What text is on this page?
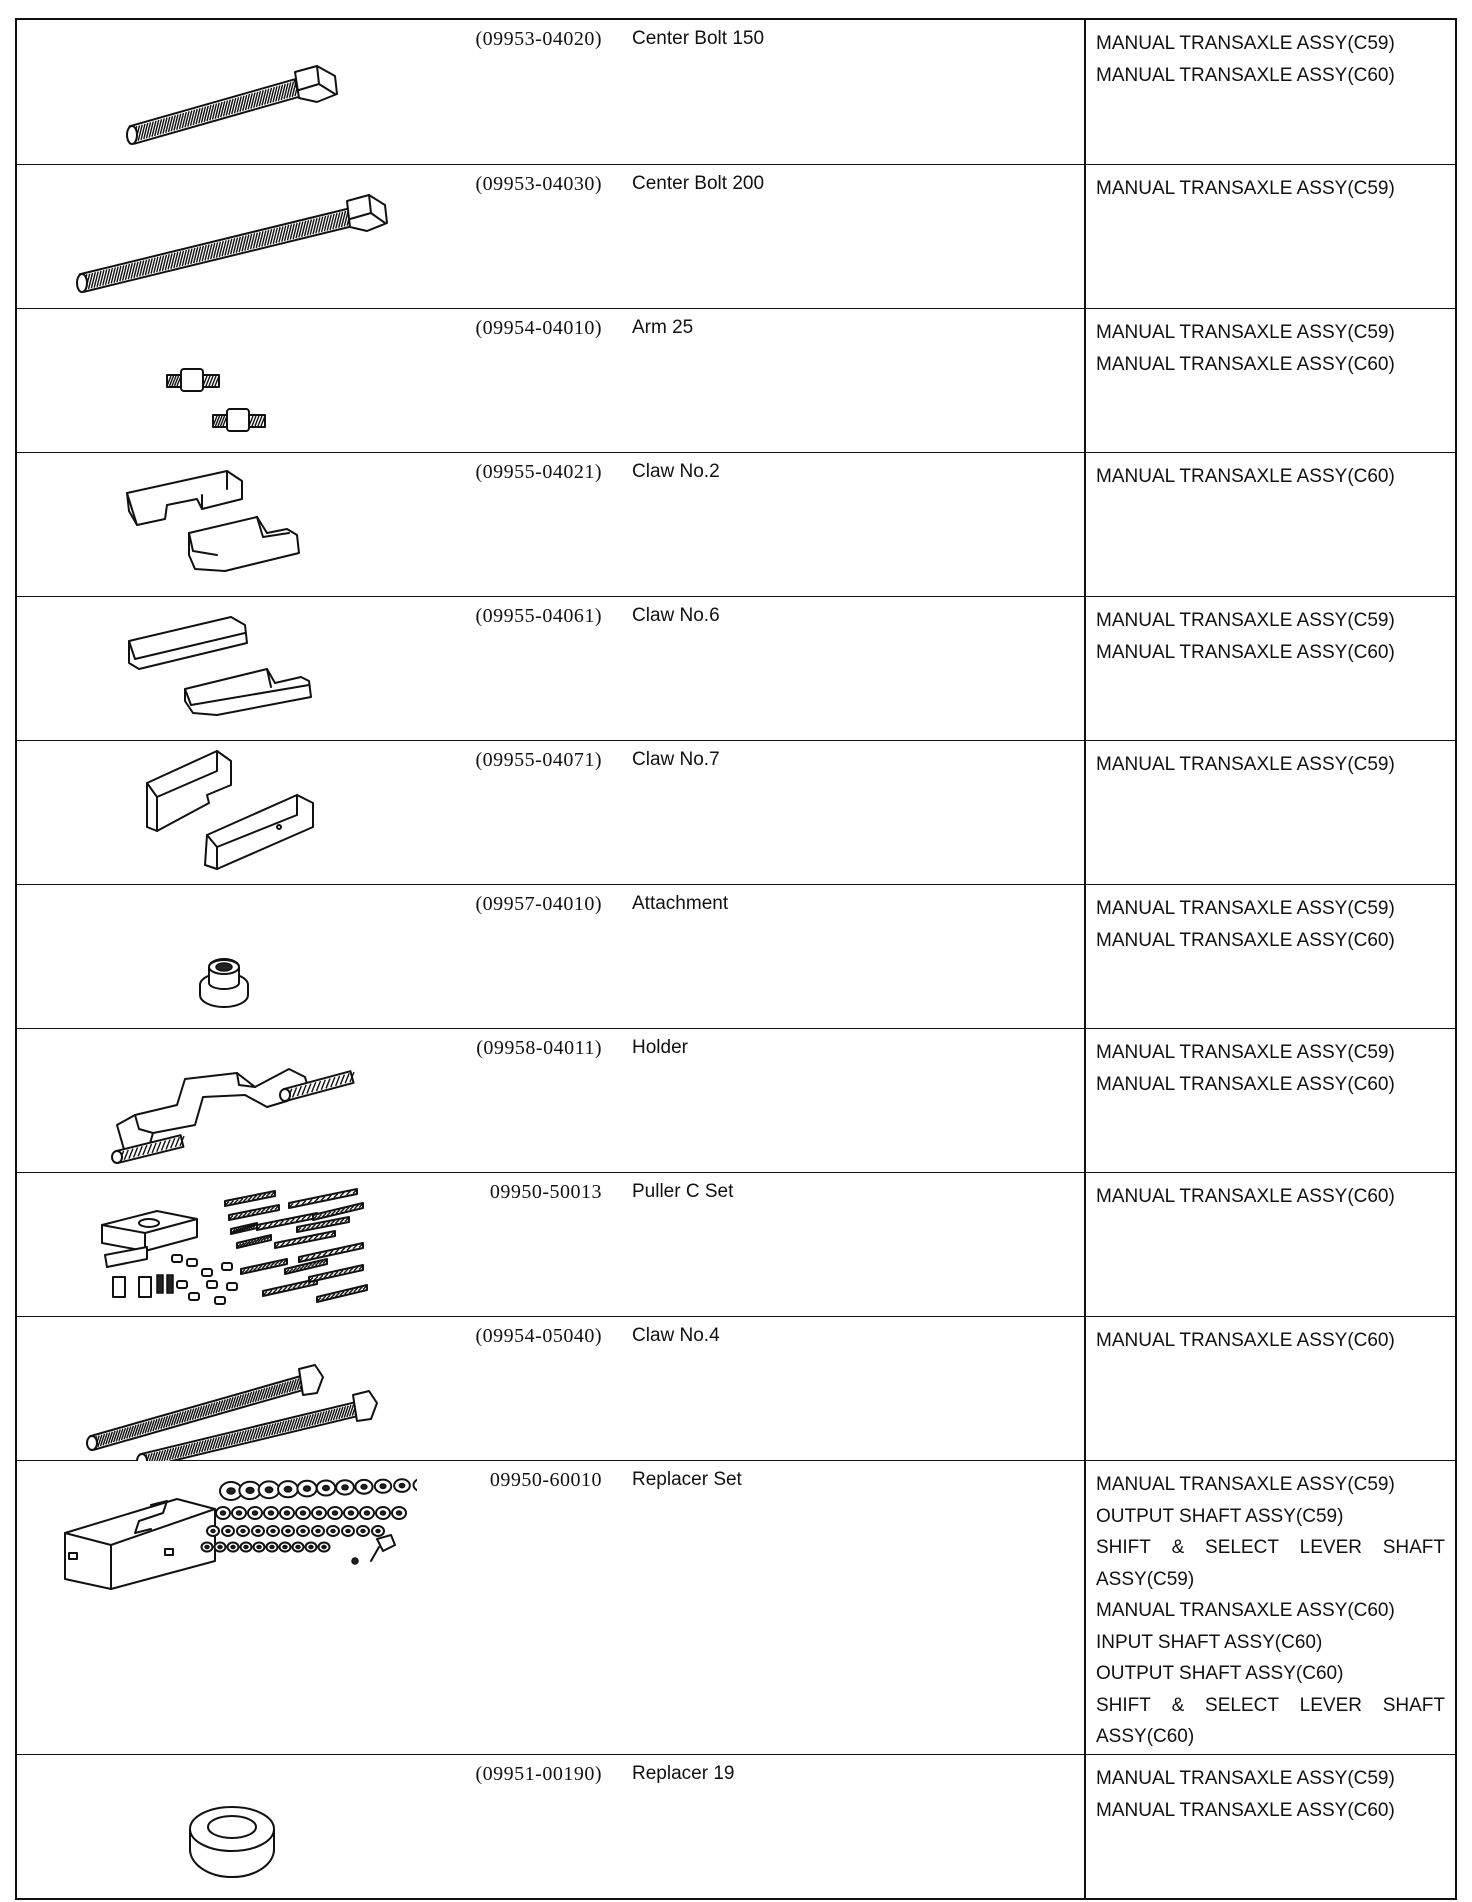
(09953-04020)	Center Bolt 150	MANUAL TRANSAXLE ASSY(C59)
MANUAL TRANSAXLE ASSY(C60)
(09953-04030)	Center Bolt 200	MANUAL TRANSAXLE ASSY(C59)
(09954-04010)	Arm 25	MANUAL TRANSAXLE ASSY(C59)
MANUAL TRANSAXLE ASSY(C60)
(09955-04021)	Claw No.2	MANUAL TRANSAXLE ASSY(C60)
(09955-04061)	Claw No.6	MANUAL TRANSAXLE ASSY(C59)
MANUAL TRANSAXLE ASSY(C60)
(09955-04071)	Claw No.7	MANUAL TRANSAXLE ASSY(C59)
(09957-04010)	Attachment	MANUAL TRANSAXLE ASSY(C59)
MANUAL TRANSAXLE ASSY(C60)
(09958-04011)	Holder	MANUAL TRANSAXLE ASSY(C59)
MANUAL TRANSAXLE ASSY(C60)
09950-50013	Puller C Set	MANUAL TRANSAXLE ASSY(C60)
(09954-05040)	Claw No.4	MANUAL TRANSAXLE ASSY(C60)
09950-60010	Replacer Set	MANUAL TRANSAXLE ASSY(C59)
OUTPUT SHAFT ASSY(C59)
SHIFT & SELECT LEVER SHAFT
ASSY(C59)
MANUAL TRANSAXLE ASSY(C60)
INPUT SHAFT ASSY(C60)
OUTPUT SHAFT ASSY(C60)
SHIFT & SELECT LEVER SHAFT
ASSY(C60)
(09951-00190)	Replacer 19	MANUAL TRANSAXLE ASSY(C59)
MANUAL TRANSAXLE ASSY(C60)
